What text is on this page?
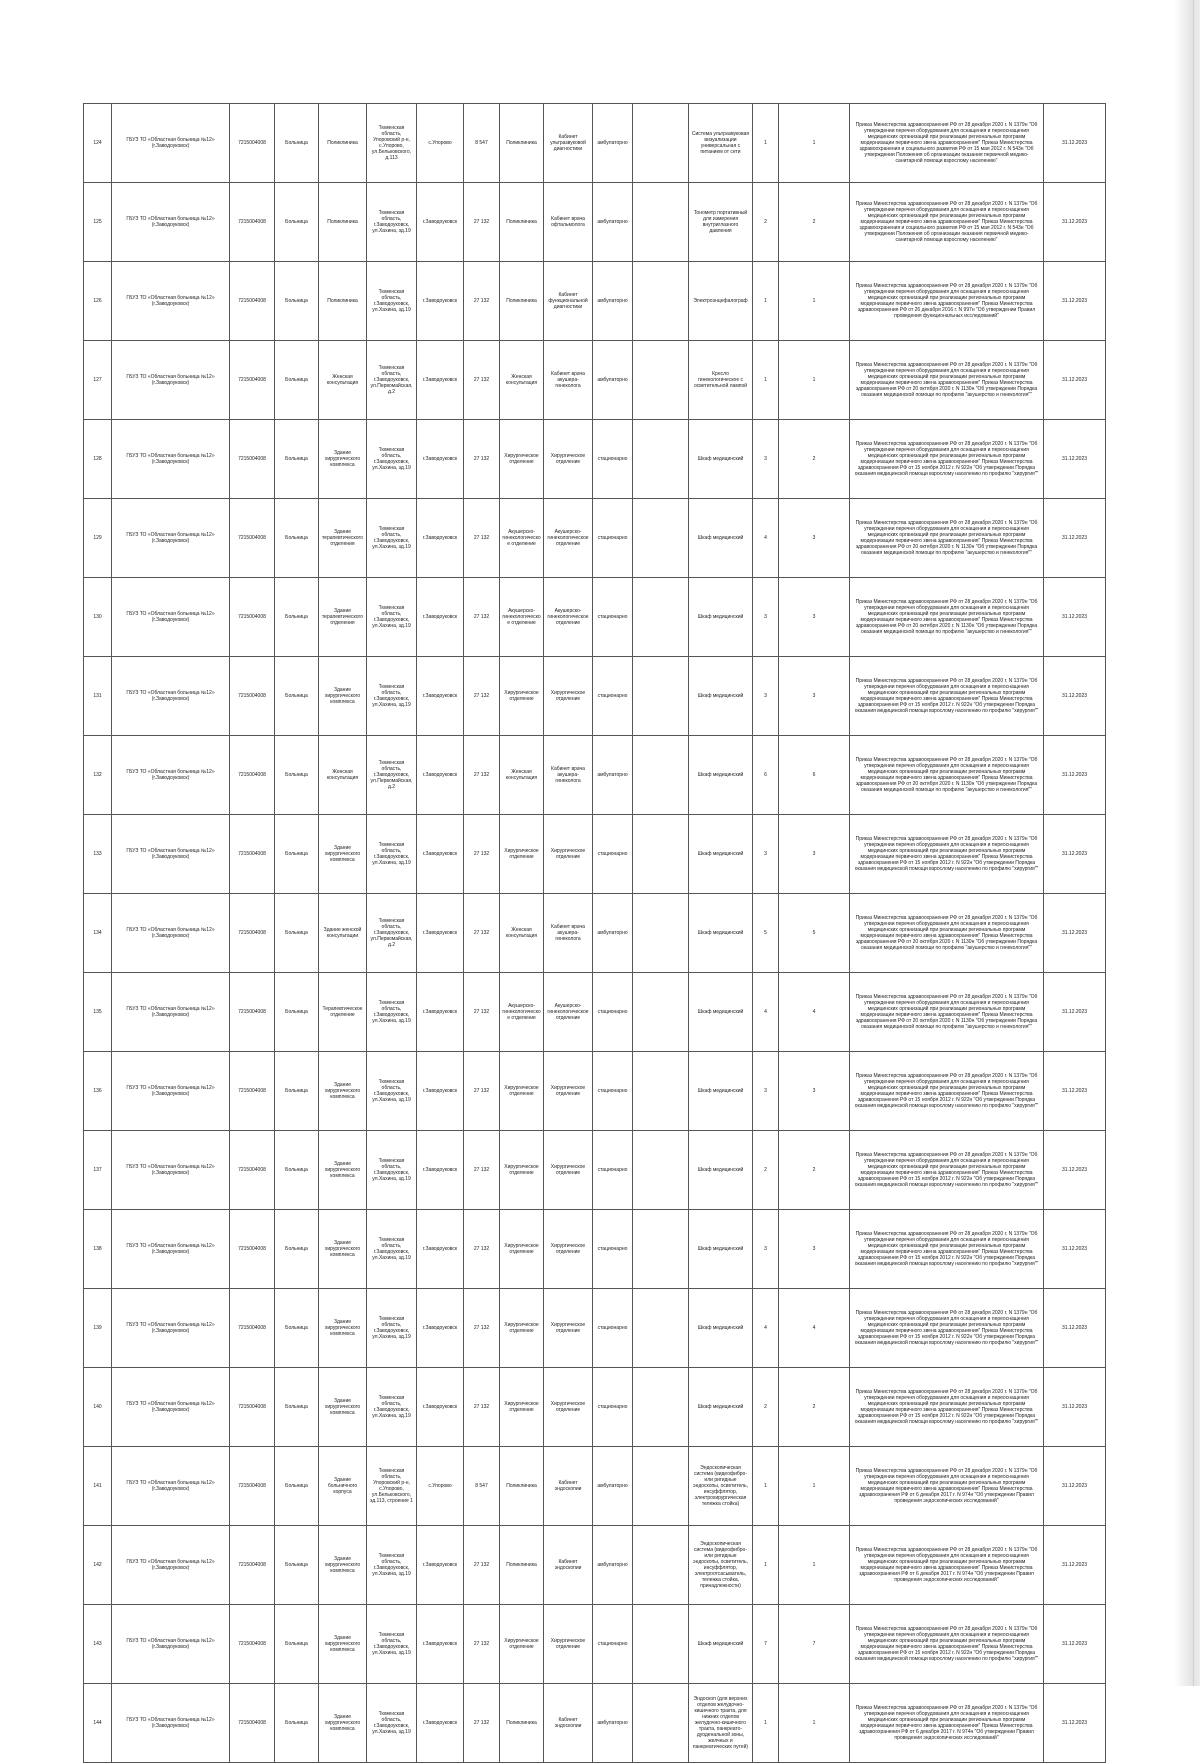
124	ГБУЗ ТО «Областная больница №12» (г.Заводоуковск)	7215004008	Больница	Поликлиника	Тюменская область, Упоровский р-н, с.Упорово, ул.Бельковского, д.113	с.Упорово	8 547	Поликлиника	Кабинет ультразвуковой диагностики	амбулаторно		Система ультразвуковая визуализации универсальная с питанием от сети	1	1	Приказ Министерства здравоохранения РФ от 28 декабря 2020 г. N 1379н "Об утверждении перечня оборудования для оснащения и переоснащения медицинских организаций при реализации региональных программ модернизации первичного звена здравоохранения" Приказ Министерства здравоохранения и социального развития РФ от 15 мая 2012 г. N 543н "Об утверждении Положения об организации оказания первичной медико-санитарной помощи взрослому населению"	31.12.2023
125	ГБУЗ ТО «Областная больница №12» (г.Заводоуковск)	7215004008	Больница	Поликлиника	Тюменская область, г.Заводоуковск, ул.Хахина, зд.19	г.Заводоуковск	27 132	Поликлиника	Кабинет врача офтальмолога	амбулаторно		Тонометр портативный для измерения внутриглазного давления	2	2	Приказ Министерства здравоохранения РФ от 28 декабря 2020 г. N 1379н "Об утверждении перечня оборудования для оснащения и переоснащения медицинских организаций при реализации региональных программ модернизации первичного звена здравоохранения" Приказ Министерства здравоохранения и социального развития РФ от 15 мая 2012 г. N 543н "Об утверждении Положения об организации оказания первичной медико-санитарной помощи взрослому населению"	31.12.2023
126	ГБУЗ ТО «Областная больница №12» (г.Заводоуковск)	7215004008	Больница	Поликлиника	Тюменская область, г.Заводоуковск, ул.Хахина, зд.19	г.Заводоуковск	27 132	Поликлиника	Кабинет функциональной диагностики	амбулаторно		Электроэнцефалограф	1	1	Приказ Министерства здравоохранения РФ от 28 декабря 2020 г. N 1379н "Об утверждении перечня оборудования для оснащения и переоснащения медицинских организаций при реализации региональных программ модернизации первичного звена здравоохранения" Приказ Министерства здравоохранения РФ от 26 декабря 2016 г. N 997н "Об утверждении Правил проведения функциональных исследований"	31.12.2023
127	ГБУЗ ТО «Областная больница №12» (г.Заводоуковск)	7215004008	Больница	Женская консультация	Тюменская область, г.Заводоуковск, ул.Первомайская, д.2	г.Заводоуковск	27 132	Женская консультация	Кабинет врача акушера-гинеколога	амбулаторно		Кресло гинекологическое с осветительной лампой	1	1	Приказ Министерства здравоохранения РФ от 28 декабря 2020 г. N 1379н "Об утверждении перечня оборудования для оснащения и переоснащения медицинских организаций при реализации региональных программ модернизации первичного звена здравоохранения" Приказ Министерства здравоохранения РФ от 20 октября 2020 г. N 1130н "Об утверждении Порядка оказания медицинской помощи по профилю "акушерство и гинекология""	31.12.2023
128	ГБУЗ ТО «Областная больница №12» (г.Заводоуковск)	7215004008	Больница	Здание хирургического комплекса	Тюменская область, г.Заводоуковск, ул.Хахина, зд.19	г.Заводоуковск	27 132	Хирургическое отделение	Хирургическое отделение	стационарно		Шкаф медицинский	3	2	Приказ Министерства здравоохранения РФ от 28 декабря 2020 г. N 1379н "Об утверждении перечня оборудования для оснащения и переоснащения медицинских организаций при реализации региональных программ модернизации первичного звена здравоохранения" Приказ Министерства здравоохранения РФ от 15 ноября 2012 г. N 922н "Об утверждении Порядка оказания медицинской помощи взрослому населению по профилю "хирургия""	31.12.2023
129	ГБУЗ ТО «Областная больница №12» (г.Заводоуковск)	7215004008	Больница	Здание терапевтического отделения	Тюменская область, г.Заводоуковск, ул.Хахина, зд.19	г.Заводоуковск	27 132	Акушерско-гинекологическое отделение	Акушерско-гинекологическое отделение	стационарно		Шкаф медицинский	4	3	Приказ Министерства здравоохранения РФ от 28 декабря 2020 г. N 1379н "Об утверждении перечня оборудования для оснащения и переоснащения медицинских организаций при реализации региональных программ модернизации первичного звена здравоохранения" Приказ Министерства здравоохранения РФ от 20 октября 2020 г. N 1130н "Об утверждении Порядка оказания медицинской помощи по профилю "акушерство и гинекология""	31.12.2023
130	ГБУЗ ТО «Областная больница №12» (г.Заводоуковск)	7215004008	Больница	Здание терапевтического отделения	Тюменская область, г.Заводоуковск, ул.Хахина, зд.19	г.Заводоуковск	27 132	Акушерско-гинекологическое отделение	Акушерско-гинекологическое отделение	стационарно		Шкаф медицинский	3	3	Приказ Министерства здравоохранения РФ от 28 декабря 2020 г. N 1379н "Об утверждении перечня оборудования для оснащения и переоснащения медицинских организаций при реализации региональных программ модернизации первичного звена здравоохранения" Приказ Министерства здравоохранения РФ от 20 октября 2020 г. N 1130н "Об утверждении Порядка оказания медицинской помощи по профилю "акушерство и гинекология""	31.12.2023
131	ГБУЗ ТО «Областная больница №12» (г.Заводоуковск)	7215004008	Больница	Здание хирургического комплекса	Тюменская область, г.Заводоуковск, ул.Хахина, зд.19	г.Заводоуковск	27 132	Хирургическое отделение	Хирургическое отделение	стационарно		Шкаф медицинский	3	3	Приказ Министерства здравоохранения РФ от 28 декабря 2020 г. N 1379н "Об утверждении перечня оборудования для оснащения и переоснащения медицинских организаций при реализации региональных программ модернизации первичного звена здравоохранения" Приказ Министерства здравоохранения РФ от 15 ноября 2012 г. N 922н "Об утверждении Порядка оказания медицинской помощи взрослому населению по профилю "хирургия""	31.12.2023
132	ГБУЗ ТО «Областная больница №12» (г.Заводоуковск)	7215004008	Больница	Женская консультация	Тюменская область, г.Заводоуковск, ул.Первомайская, д.2	г.Заводоуковск	27 132	Женская консультация	Кабинет врача акушера-гинеколога	амбулаторно		Шкаф медицинский	6	6	Приказ Министерства здравоохранения РФ от 28 декабря 2020 г. N 1379н "Об утверждении перечня оборудования для оснащения и переоснащения медицинских организаций при реализации региональных программ модернизации первичного звена здравоохранения" Приказ Министерства здравоохранения РФ от 20 октября 2020 г. N 1130н "Об утверждении Порядка оказания медицинской помощи по профилю "акушерство и гинекология""	31.12.2023
133	ГБУЗ ТО «Областная больница №12» (г.Заводоуковск)	7215004008	Больница	Здание хирургического комплекса	Тюменская область, г.Заводоуковск, ул.Хахина, зд.19	г.Заводоуковск	27 132	Хирургическое отделение	Хирургическое отделение	стационарно		Шкаф медицинский	3	3	Приказ Министерства здравоохранения РФ от 28 декабря 2020 г. N 1379н "Об утверждении перечня оборудования для оснащения и переоснащения медицинских организаций при реализации региональных программ модернизации первичного звена здравоохранения" Приказ Министерства здравоохранения РФ от 15 ноября 2012 г. N 922н "Об утверждении Порядка оказания медицинской помощи взрослому населению по профилю "хирургия""	31.12.2023
134	ГБУЗ ТО «Областная больница №12» (г.Заводоуковск)	7215004008	Больница	Здание женской консультации	Тюменская область, г.Заводоуковск, ул.Первомайская, д.2	г.Заводоуковск	27 132	Женская консультация	Кабинет врача акушера-гинеколога	амбулаторно		Шкаф медицинский	5	5	Приказ Министерства здравоохранения РФ от 28 декабря 2020 г. N 1379н "Об утверждении перечня оборудования для оснащения и переоснащения медицинских организаций при реализации региональных программ модернизации первичного звена здравоохранения" Приказ Министерства здравоохранения РФ от 20 октября 2020 г. N 1130н "Об утверждении Порядка оказания медицинской помощи по профилю "акушерство и гинекология""	31.12.2023
135	ГБУЗ ТО «Областная больница №12» (г.Заводоуковск)	7215004008	Больница	Терапевтическое отделение	Тюменская область, г.Заводоуковск, ул.Хахина, зд.19	г.Заводоуковск	27 132	Акушерско-гинекологическое отделение	Акушерско-гинекологическое отделение	стационарно		Шкаф медицинский	4	4	Приказ Министерства здравоохранения РФ от 28 декабря 2020 г. N 1379н "Об утверждении перечня оборудования для оснащения и переоснащения медицинских организаций при реализации региональных программ модернизации первичного звена здравоохранения" Приказ Министерства здравоохранения РФ от 20 октября 2020 г. N 1130н "Об утверждении Порядка оказания медицинской помощи по профилю "акушерство и гинекология""	31.12.2023
136	ГБУЗ ТО «Областная больница №12» (г.Заводоуковск)	7215004008	Больница	Здание хирургического комплекса	Тюменская область, г.Заводоуковск, ул.Хахина, зд.19	г.Заводоуковск	27 132	Хирургическое отделение	Хирургическое отделение	стационарно		Шкаф медицинский	3	3	Приказ Министерства здравоохранения РФ от 28 декабря 2020 г. N 1379н "Об утверждении перечня оборудования для оснащения и переоснащения медицинских организаций при реализации региональных программ модернизации первичного звена здравоохранения" Приказ Министерства здравоохранения РФ от 15 ноября 2012 г. N 922н "Об утверждении Порядка оказания медицинской помощи взрослому населению по профилю "хирургия""	31.12.2023
137	ГБУЗ ТО «Областная больница №12» (г.Заводоуковск)	7215004008	Больница	Здание хирургического комплекса	Тюменская область, г.Заводоуковск, ул.Хахина, зд.19	г.Заводоуковск	27 132	Хирургическое отделение	Хирургическое отделение	стационарно		Шкаф медицинский	2	2	Приказ Министерства здравоохранения РФ от 28 декабря 2020 г. N 1379н "Об утверждении перечня оборудования для оснащения и переоснащения медицинских организаций при реализации региональных программ модернизации первичного звена здравоохранения" Приказ Министерства здравоохранения РФ от 15 ноября 2012 г. N 922н "Об утверждении Порядка оказания медицинской помощи взрослому населению по профилю "хирургия""	31.12.2023
138	ГБУЗ ТО «Областная больница №12» (г.Заводоуковск)	7215004008	Больница	Здание хирургического комплекса	Тюменская область, г.Заводоуковск, ул.Хахина, зд.19	г.Заводоуковск	27 132	Хирургическое отделение	Хирургическое отделение	стационарно		Шкаф медицинский	3	3	Приказ Министерства здравоохранения РФ от 28 декабря 2020 г. N 1379н "Об утверждении перечня оборудования для оснащения и переоснащения медицинских организаций при реализации региональных программ модернизации первичного звена здравоохранения" Приказ Министерства здравоохранения РФ от 15 ноября 2012 г. N 922н "Об утверждении Порядка оказания медицинской помощи взрослому населению по профилю "хирургия""	31.12.2023
139	ГБУЗ ТО «Областная больница №12» (г.Заводоуковск)	7215004008	Больница	Здание хирургического комплекса	Тюменская область, г.Заводоуковск, ул.Хахина, зд.19	г.Заводоуковск	27 132	Хирургическое отделение	Хирургическое отделение	стационарно		Шкаф медицинский	4	4	Приказ Министерства здравоохранения РФ от 28 декабря 2020 г. N 1379н "Об утверждении перечня оборудования для оснащения и переоснащения медицинских организаций при реализации региональных программ модернизации первичного звена здравоохранения" Приказ Министерства здравоохранения РФ от 15 ноября 2012 г. N 922н "Об утверждении Порядка оказания медицинской помощи взрослому населению по профилю "хирургия""	31.12.2023
140	ГБУЗ ТО «Областная больница №12» (г.Заводоуковск)	7215004008	Больница	Здание хирургического комплекса	Тюменская область, г.Заводоуковск, ул.Хахина, зд.19	г.Заводоуковск	27 132	Хирургическое отделение	Хирургическое отделение	стационарно		Шкаф медицинский	2	2	Приказ Министерства здравоохранения РФ от 28 декабря 2020 г. N 1379н "Об утверждении перечня оборудования для оснащения и переоснащения медицинских организаций при реализации региональных программ модернизации первичного звена здравоохранения" Приказ Министерства здравоохранения РФ от 15 ноября 2012 г. N 922н "Об утверждении Порядка оказания медицинской помощи взрослому населению по профилю "хирургия""	31.12.2023
141	ГБУЗ ТО «Областная больница №12» (г.Заводоуковск)	7215004008	Больница	Здание больничного корпуса	Тюменская область, Упоровский р-н, с.Упорово, ул.Бельковского, зд.113, строение 1	с.Упорово	8 547	Поликлиника	Кабинет эндоскопии	амбулаторно		Эндоскопическая система (видеофибро-или ригидные эндоскопы, осветитель, инсуффлятор, электрохирургическая тележка стойка)	1	1	Приказ Министерства здравоохранения РФ от 28 декабря 2020 г. N 1379н "Об утверждении перечня оборудования для оснащения и переоснащения медицинских организаций при реализации региональных программ модернизации первичного звена здравоохранения" Приказ Министерства здравоохранения РФ от 6 декабря 2017 г. N 974н "Об утверждении Правил проведения эндоскопических исследований"	31.12.2023
142	ГБУЗ ТО «Областная больница №12» (г.Заводоуковск)	7215004008	Больница	Здание хирургического комплекса	Тюменская область, г.Заводоуковск, ул.Хахина, зд.19	г.Заводоуковск	27 132	Поликлиника	Кабинет эндоскопии	амбулаторно		Эндоскопическая система (видеофибро-или ригидные эндоскопы, осветитель, инсуффлятор, электроотсасыватель, тележка стойка, принадлежности)	1	1	Приказ Министерства здравоохранения РФ от 28 декабря 2020 г. N 1379н "Об утверждении перечня оборудования для оснащения и переоснащения медицинских организаций при реализации региональных программ модернизации первичного звена здравоохранения" Приказ Министерства здравоохранения РФ от 6 декабря 2017 г. N 974н "Об утверждении Правил проведения эндоскопических исследований"	31.12.2023
143	ГБУЗ ТО «Областная больница №12» (г.Заводоуковск)	7215004008	Больница	Здание хирургического комплекса	Тюменская область, г.Заводоуковск, ул.Хахина, зд.19	г.Заводоуковск	27 132	Хирургическое отделение	Хирургическое отделение	стационарно		Шкаф медицинский	7	7	Приказ Министерства здравоохранения РФ от 28 декабря 2020 г. N 1379н "Об утверждении перечня оборудования для оснащения и переоснащения медицинских организаций при реализации региональных программ модернизации первичного звена здравоохранения" Приказ Министерства здравоохранения РФ от 15 ноября 2012 г. N 922н "Об утверждении Порядка оказания медицинской помощи взрослому населению по профилю "хирургия""	31.12.2023
144	ГБУЗ ТО «Областная больница №12» (г.Заводоуковск)	7215004008	Больница	Здание хирургического комплекса	Тюменская область, г.Заводоуковск, ул.Хахина, зд.19	г.Заводоуковск	27 132	Поликлиника	Кабинет эндоскопии	амбулаторно		Эндоскоп (для верхних отделов желудочно-кишечного тракта, для нижних отделов желудочно-кишечного тракта, панкреато-дуоденальной зоны, желчных и панкреатических путей)	1	1	Приказ Министерства здравоохранения РФ от 28 декабря 2020 г. N 1379н "Об утверждении перечня оборудования для оснащения и переоснащения медицинских организаций при реализации региональных программ модернизации первичного звена здравоохранения" Приказ Министерства здравоохранения РФ от 6 декабря 2017 г. N 974н "Об утверждении Правил проведения эндоскопических исследований"	31.12.2023
